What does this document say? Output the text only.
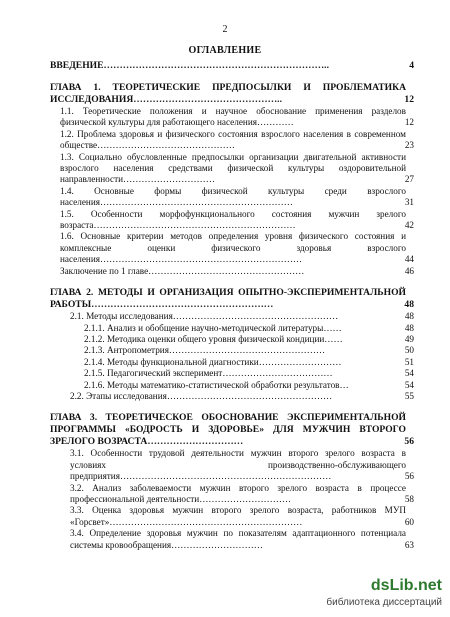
2
ОГЛАВЛЕНИЕ
ВВЕДЕНИЕ……………………………………………………………..	4
ГЛАВА 1. ТЕОРЕТИЧЕСКИЕ ПРЕДПОСЫЛКИ И ПРОБЛЕМАТИКА ИССЛЕДОВАНИЯ………………………………………..	12
1.1. Теоретические положения и научное обоснование применения разделов физической культуры для работающего населения…………	12
1.2. Проблема здоровья и физического состояния взрослого населения в современном обществе………………………………………	23
1.3. Социально обусловленные предпосылки организации двигательной активности взрослого населения средствами физической культуры оздоровительной направленности…………………………	27
1.4. Основные формы физической культуры среди взрослого населения………………………………………………………	31
1.5. Особенности морфофункционального состояния мужчин зрелого возраста…………………………………………………………	42
1.6. Основные критерии методов определения уровня физического состояния и комплексные оценки физического здоровья взрослого населения…………………………………………………………	44
Заключение по 1 главе……………………………………………	46
ГЛАВА 2. МЕТОДЫ И ОРГАНИЗАЦИЯ ОПЫТНО-ЭКСПЕРИМЕНТАЛЬНОЙ РАБОТЫ…………………………………………………	48
2.1. Методы исследования………………………………………………	48
2.1.1. Анализ и обобщение научно-методической литературы……	48
2.1.2. Методика оценки общего уровня физической кондиции……	49
2.1.3. Антропометрия……………………………………………	50
2.1.4. Методы функциональной диагностики………………………	51
2.1.5. Педагогический эксперимент………………………………	54
2.1.6. Методы математико-статистической обработки результатов…	54
2.2. Этапы исследования………………………………………………	55
ГЛАВА 3. ТЕОРЕТИЧЕСКОЕ ОБОСНОВАНИЕ ЭКСПЕРИМЕНТАЛЬНОЙ ПРОГРАММЫ «БОДРОСТЬ И ЗДОРОВЬЕ» ДЛЯ МУЖЧИН ВТОРОГО ЗРЕЛОГО ВОЗРАСТА…………………………	56
3.1. Особенности трудовой деятельности мужчин второго зрелого возраста в условиях производственно-обслуживающего предприятия……………………………………………………………	56
3.2. Анализ заболеваемости мужчин второго зрелого возраста в процессе профессиональной деятельности…………………………	58
3.3. Оценка здоровья мужчин второго зрелого возраста, работников МУП «Горсвет»………………………………………………………	60
3.4. Определение здоровья мужчин по показателям адаптационного потенциала системы кровообращения…………………………	63
dsLib.net
библиотека диссертаций
